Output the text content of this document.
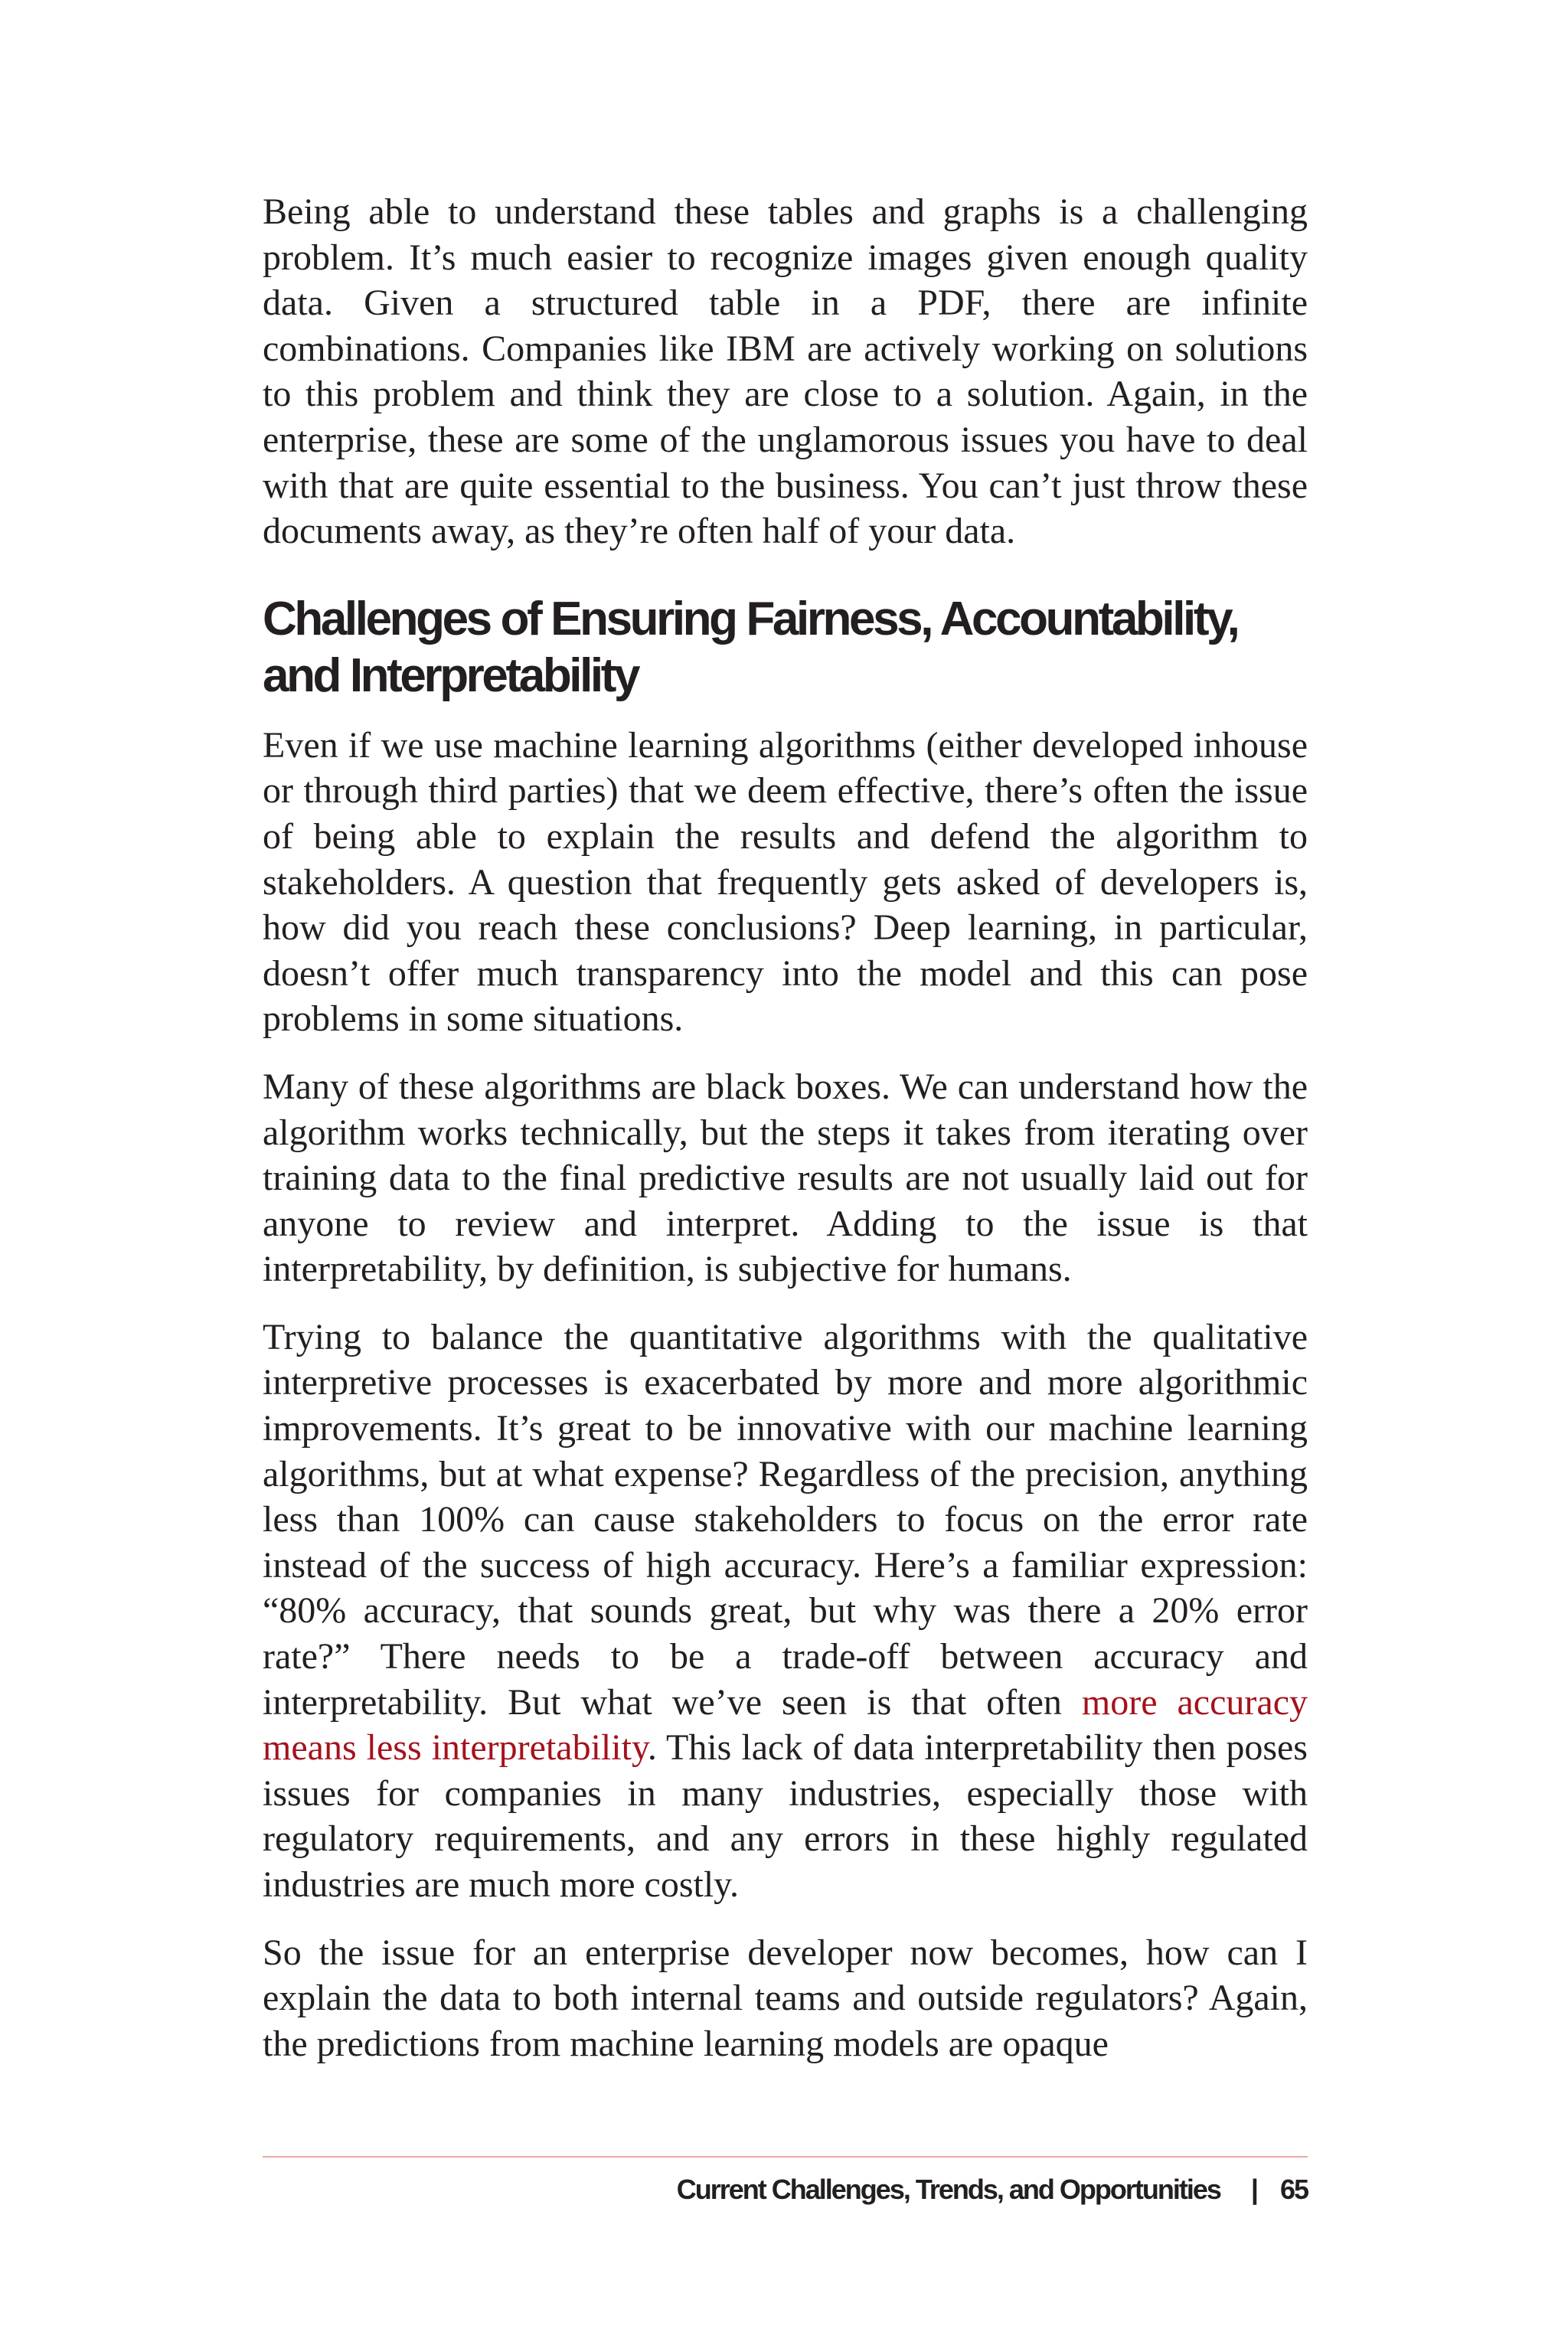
Being able to understand these tables and graphs is a challenging problem. It’s much easier to recognize images given enough quality data. Given a structured table in a PDF, there are infinite combinations. Companies like IBM are actively working on solutions to this problem and think they are close to a solution. Again, in the enterprise, these are some of the unglamorous issues you have to deal with that are quite essential to the business. You can’t just throw these documents away, as they’re often half of your data.

Challenges of Ensuring Fairness, Accountability, and Interpretability

Even if we use machine learning algorithms (either developed inhouse or through third parties) that we deem effective, there’s often the issue of being able to explain the results and defend the algorithm to stakeholders. A question that frequently gets asked of developers is, how did you reach these conclusions? Deep learning, in particular, doesn’t offer much transparency into the model and this can pose problems in some situations.

Many of these algorithms are black boxes. We can understand how the algorithm works technically, but the steps it takes from iterating over training data to the final predictive results are not usually laid out for anyone to review and interpret. Adding to the issue is that interpretability, by definition, is subjective for humans.

Trying to balance the quantitative algorithms with the qualitative interpretive processes is exacerbated by more and more algorithmic improvements. It’s great to be innovative with our machine learning algorithms, but at what expense? Regardless of the precision, anything less than 100% can cause stakeholders to focus on the error rate instead of the success of high accuracy. Here’s a familiar expression: “80% accuracy, that sounds great, but why was there a 20% error rate?” There needs to be a trade-off between accuracy and interpretability. But what we’ve seen is that often more accuracy means less interpretability. This lack of data interpretability then poses issues for companies in many industries, especially those with regulatory requirements, and any errors in these highly regulated industries are much more costly.

So the issue for an enterprise developer now becomes, how can I explain the data to both internal teams and outside regulators? Again, the predictions from machine learning models are opaque

Current Challenges, Trends, and Opportunities | 65
